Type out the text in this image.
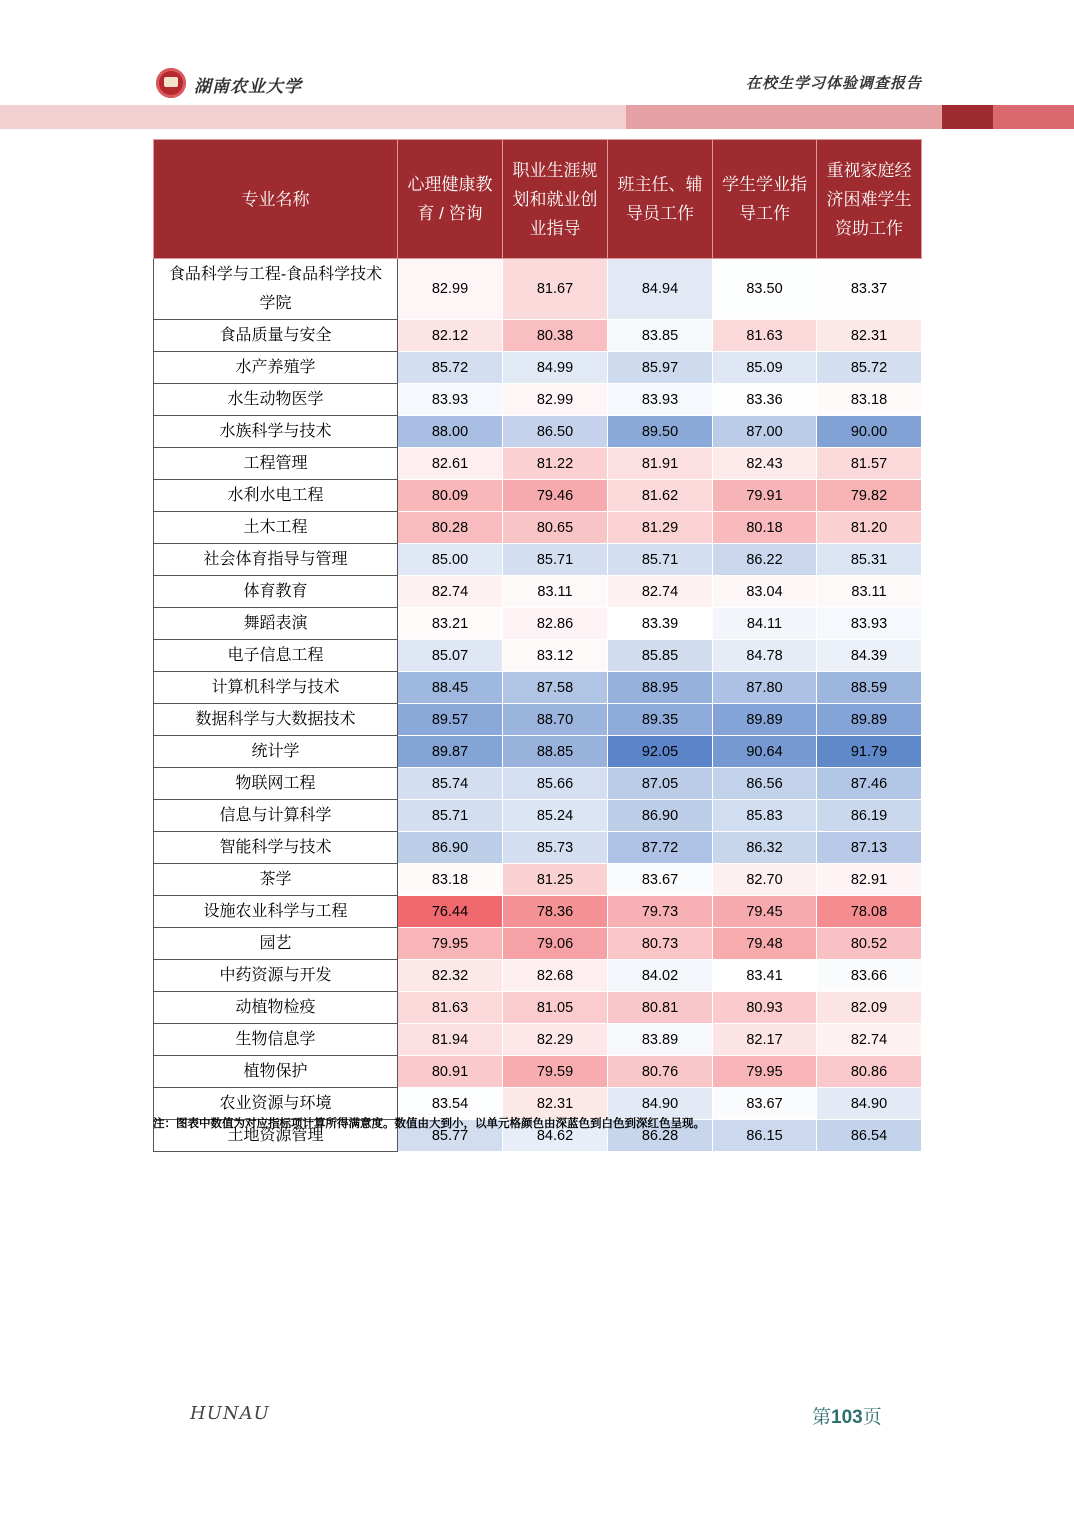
湖南农业大学	在校生学习体验调查报告
专业名称	心理健康教育 / 咨询	职业生涯规划和就业创业指导	班主任、辅导员工作	学生学业指导工作	重视家庭经济困难学生资助工作
食品科学与工程-食品科学技术学院	82.99	81.67	84.94	83.50	83.37
食品质量与安全	82.12	80.38	83.85	81.63	82.31
水产养殖学	85.72	84.99	85.97	85.09	85.72
水生动物医学	83.93	82.99	83.93	83.36	83.18
水族科学与技术	88.00	86.50	89.50	87.00	90.00
工程管理	82.61	81.22	81.91	82.43	81.57
水利水电工程	80.09	79.46	81.62	79.91	79.82
土木工程	80.28	80.65	81.29	80.18	81.20
社会体育指导与管理	85.00	85.71	85.71	86.22	85.31
体育教育	82.74	83.11	82.74	83.04	83.11
舞蹈表演	83.21	82.86	83.39	84.11	83.93
电子信息工程	85.07	83.12	85.85	84.78	84.39
计算机科学与技术	88.45	87.58	88.95	87.80	88.59
数据科学与大数据技术	89.57	88.70	89.35	89.89	89.89
统计学	89.87	88.85	92.05	90.64	91.79
物联网工程	85.74	85.66	87.05	86.56	87.46
信息与计算科学	85.71	85.24	86.90	85.83	86.19
智能科学与技术	86.90	85.73	87.72	86.32	87.13
茶学	83.18	81.25	83.67	82.70	82.91
设施农业科学与工程	76.44	78.36	79.73	79.45	78.08
园艺	79.95	79.06	80.73	79.48	80.52
中药资源与开发	82.32	82.68	84.02	83.41	83.66
动植物检疫	81.63	81.05	80.81	80.93	82.09
生物信息学	81.94	82.29	83.89	82.17	82.74
植物保护	80.91	79.59	80.76	79.95	80.86
农业资源与环境	83.54	82.31	84.90	83.67	84.90
土地资源管理	85.77	84.62	86.28	86.15	86.54
注：图表中数值为对应指标项计算所得满意度。数值由大到小，以单元格颜色由深蓝色到白色到深红色呈现。
HUNAU	第103页
